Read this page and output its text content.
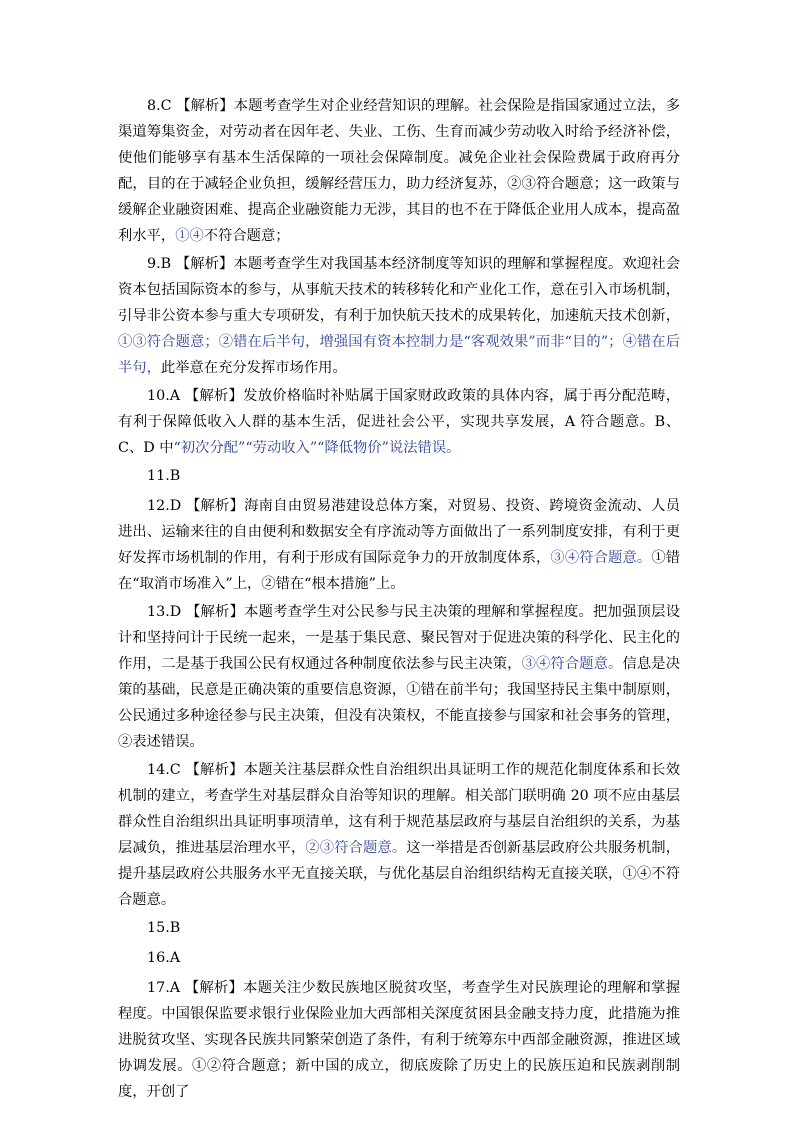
8.C 【解析】本题考查学生对企业经营知识的理解。社会保险是指国家通过立法，多渠道筹集资金，对劳动者在因年老、失业、工伤、生育而减少劳动收入时给予经济补偿，使他们能够享有基本生活保障的一项社会保障制度。减免企业社会保险费属于政府再分配，目的在于减轻企业负担，缓解经营压力，助力经济复苏，②③符合题意；这一政策与缓解企业融资困难、提高企业融资能力无涉，其目的也不在于降低企业用人成本，提高盈利水平，①④不符合题意；

9.B 【解析】本题考查学生对我国基本经济制度等知识的理解和掌握程度。欢迎社会资本包括国际资本的参与，从事航天技术的转移转化和产业化工作，意在引入市场机制，引导非公资本参与重大专项研发，有利于加快航天技术的成果转化，加速航天技术创新，①③符合题意；②错在后半句，增强国有资本控制力是“客观效果”而非“目的”；④错在后半句，此举意在充分发挥市场作用。

10.A 【解析】发放价格临时补贴属于国家财政政策的具体内容，属于再分配范畴，有利于保障低收入人群的基本生活，促进社会公平，实现共享发展，A 符合题意。B、C、D 中“初次分配”“劳动收入”“降低物价”说法错误。

11.B

12.D 【解析】海南自由贸易港建设总体方案，对贸易、投资、跨境资金流动、人员进出、运输来往的自由便利和数据安全有序流动等方面做出了一系列制度安排，有利于更好发挥市场机制的作用，有利于形成有国际竞争力的开放制度体系，③④符合题意。①错在“取消市场准入”上，②错在“根本措施”上。

13.D 【解析】本题考查学生对公民参与民主决策的理解和掌握程度。把加强顶层设计和坚持问计于民统一起来，一是基于集民意、聚民智对于促进决策的科学化、民主化的作用，二是基于我国公民有权通过各种制度依法参与民主决策，③④符合题意。信息是决策的基础，民意是正确决策的重要信息资源，①错在前半句；我国坚持民主集中制原则，公民通过多种途径参与民主决策，但没有决策权，不能直接参与国家和社会事务的管理，②表述错误。

14.C 【解析】本题关注基层群众性自治组织出具证明工作的规范化制度体系和长效机制的建立，考查学生对基层群众自治等知识的理解。相关部门联明确 20 项不应由基层群众性自治组织出具证明事项清单，这有利于规范基层政府与基层自治组织的关系，为基层减负，推进基层治理水平，②③符合题意。这一举措是否创新基层政府公共服务机制，提升基层政府公共服务水平无直接关联，与优化基层自治组织结构无直接关联，①④不符合题意。

15.B

16.A

17.A 【解析】本题关注少数民族地区脱贫攻坚，考查学生对民族理论的理解和掌握程度。中国银保监要求银行业保险业加大西部相关深度贫困县金融支持力度，此措施为推进脱贫攻坚、实现各民族共同繁荣创造了条件，有利于统筹东中西部金融资源，推进区域协调发展。①②符合题意；新中国的成立，彻底废除了历史上的民族压迫和民族剥削制度，开创了
